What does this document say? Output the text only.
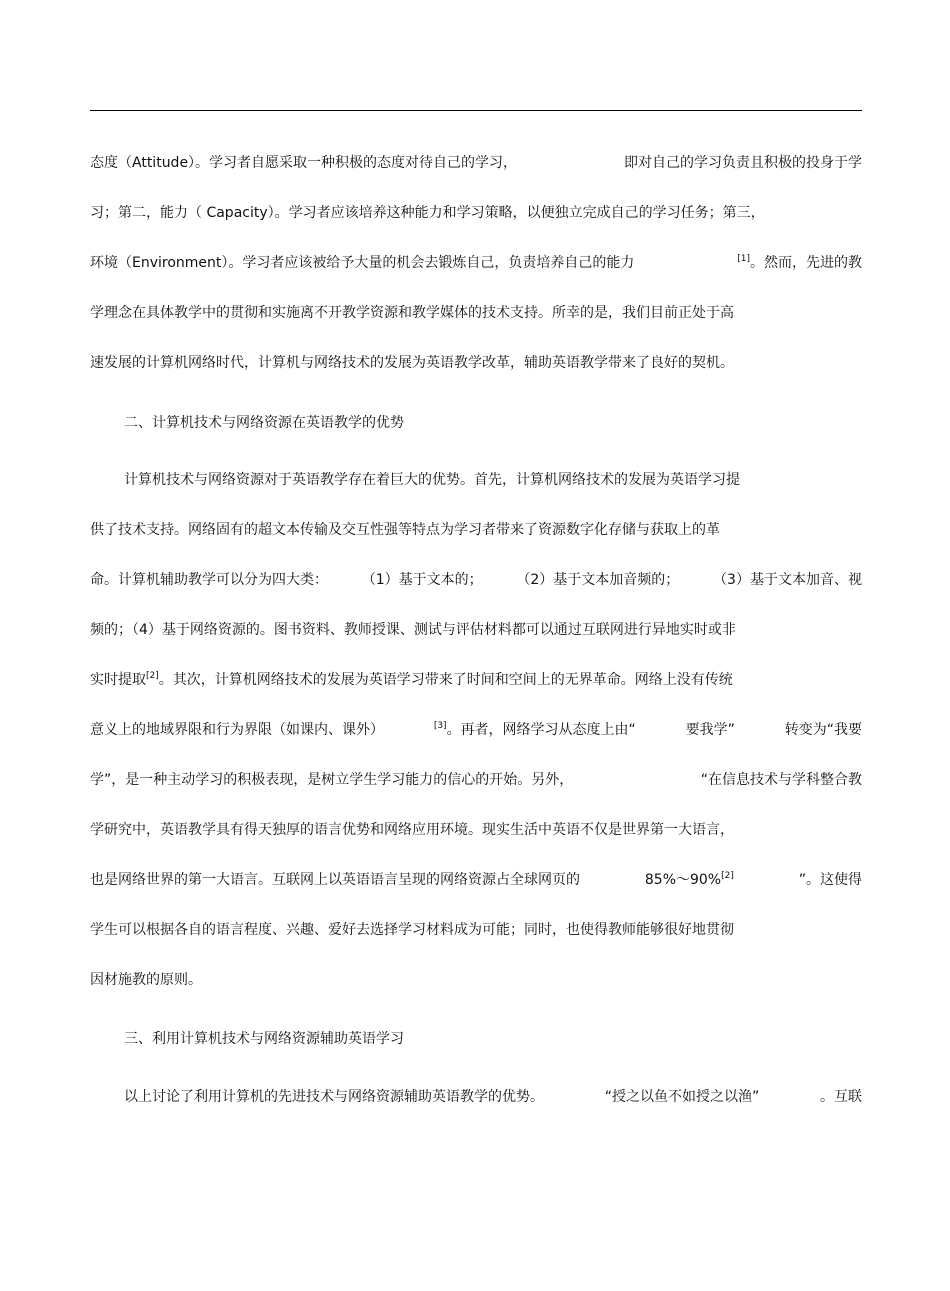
态度（Attitude）。学习者自愿采取一种积极的态度对待自己的学习，	即对自己的学习负责且积极的投身于学
习；第二，能力（ Capacity）。学习者应该培养这种能力和学习策略，以便独立完成自己的学习任务；第三，
环境（Environment）。学习者应该被给予大量的机会去锻炼自己，负责培养自己的能力	[1]。然而，先进的教
学理念在具体教学中的贯彻和实施离不开教学资源和教学媒体的技术支持。所幸的是，我们目前正处于高
速发展的计算机网络时代，计算机与网络技术的发展为英语教学改革，辅助英语教学带来了良好的契机。
二、计算机技术与网络资源在英语教学的优势
计算机技术与网络资源对于英语教学存在着巨大的优势。首先，计算机网络技术的发展为英语学习提
供了技术支持。网络固有的超文本传输及交互性强等特点为学习者带来了资源数字化存储与获取上的革
命。计算机辅助教学可以分为四大类： （1）基于文本的； （2）基于文本加音频的； （3）基于文本加音、视
频的；（4）基于网络资源的。图书资料、教师授课、测试与评估材料都可以通过互联网进行异地实时或非
实时提取[2]。其次，计算机网络技术的发展为英语学习带来了时间和空间上的无界革命。网络上没有传统
意义上的地域界限和行为界限（如课内、课外）	[3]。再者，网络学习从态度上由“	要我学”	转变为“我要
学”，是一种主动学习的积极表现，是树立学生学习能力的信心的开始。另外，	“在信息技术与学科整合教
学研究中，英语教学具有得天独厚的语言优势和网络应用环境。现实生活中英语不仅是世界第一大语言，
也是网络世界的第一大语言。互联网上以英语语言呈现的网络资源占全球网页的	85%～90%[2]	”。这使得
学生可以根据各自的语言程度、兴趣、爱好去选择学习材料成为可能；同时，也使得教师能够很好地贯彻
因材施教的原则。
三、利用计算机技术与网络资源辅助英语学习
以上讨论了利用计算机的先进技术与网络资源辅助英语教学的优势。	“授之以鱼不如授之以渔”	。互联
